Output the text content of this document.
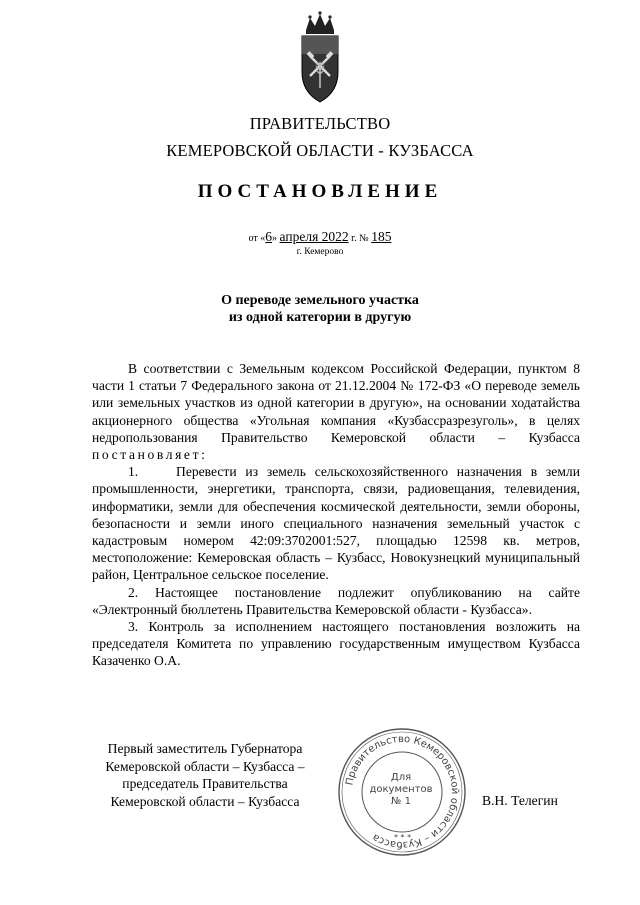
ПРАВИТЕЛЬСТВО
КЕМЕРОВСКОЙ ОБЛАСТИ - КУЗБАССА
ПОСТАНОВЛЕНИЕ
от «6» апреля 2022 г. № 185
г. Кемерово
О переводе земельного участка
из одной категории в другую

В соответствии с Земельным кодексом Российской Федерации, пунктом 8 части 1 статьи 7 Федерального закона от 21.12.2004 № 172-ФЗ «О переводе земель или земельных участков из одной категории в другую», на основании ходатайства акционерного общества «Угольная компания «Кузбассразрезуголь», в целях недропользования Правительство Кемеровской области – Кузбасса постановляет:

1.	Перевести из земель сельскохозяйственного назначения в земли промышленности, энергетики, транспорта, связи, радиовещания, телевидения, информатики, земли для обеспечения космической деятельности, земли обороны, безопасности и земли иного специального назначения земельный участок с кадастровым номером 42:09:3702001:527, площадью 12598 кв. метров, местоположение: Кемеровская область – Кузбасс, Новокузнецкий муниципальный район, Центральное сельское поселение.

2. Настоящее постановление подлежит опубликованию на сайте «Электронный бюллетень Правительства Кемеровской области - Кузбасса».

3. Контроль за исполнением настоящего постановления возложить на председателя Комитета по управлению государственным имуществом Кузбасса Казаченко О.А.

Первый заместитель Губернатора
Кемеровской области – Кузбасса –
председатель Правительства
Кемеровской области – Кузбасса
Правительство Кемеровской области – Кузбасса	* * *
Для
документов
№ 1	В.Н. Телегин
